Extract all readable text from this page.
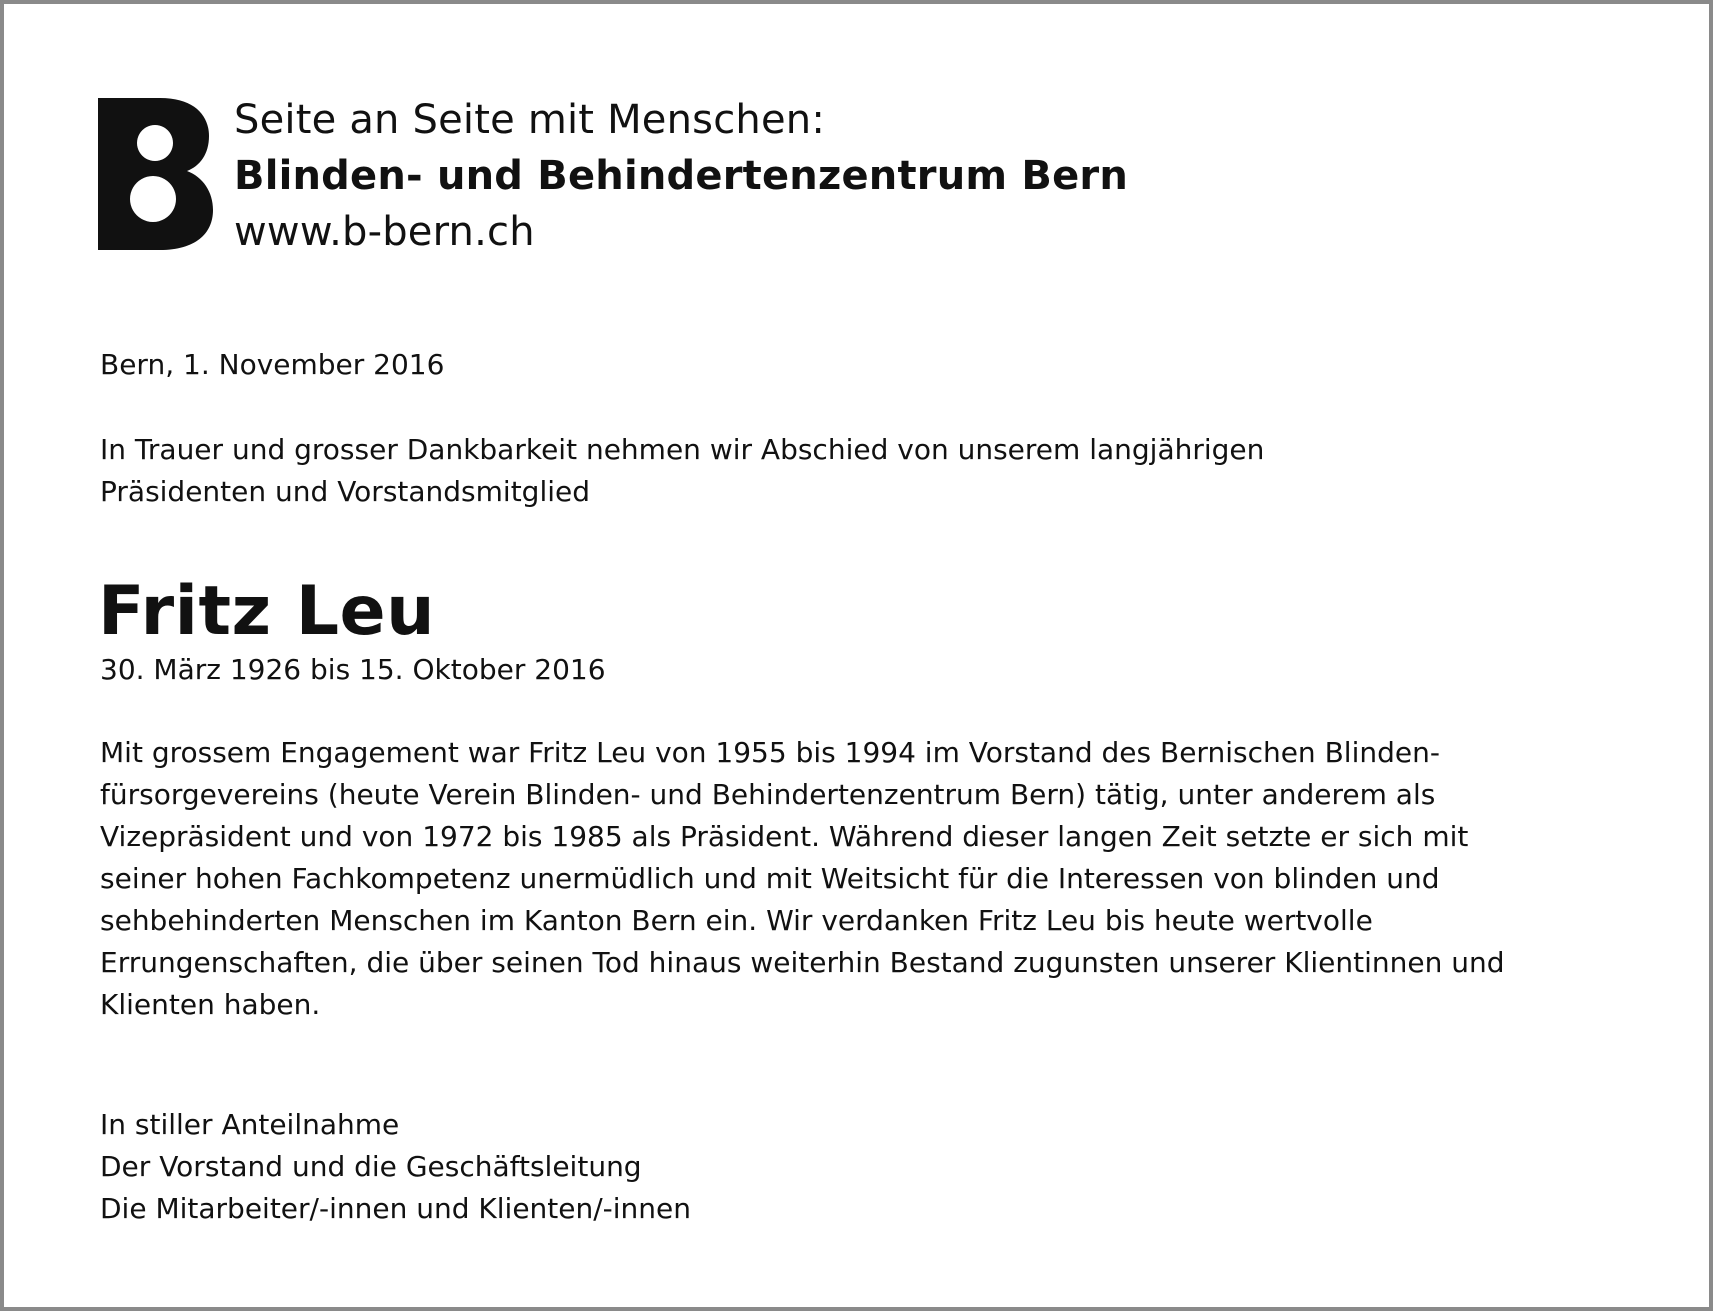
Seite an Seite mit Menschen:
Blinden- und Behindertenzentrum Bern
www.b-bern.ch
Bern, 1. November 2016
In Trauer und grosser Dankbarkeit nehmen wir Abschied von unserem langjährigen
Präsidenten und Vorstandsmitglied
Fritz Leu
30. März 1926 bis 15. Oktober 2016
Mit grossem Engagement war Fritz Leu von 1955 bis 1994 im Vorstand des Bernischen Blinden-
fürsorgevereins (heute Verein Blinden- und Behindertenzentrum Bern) tätig, unter anderem als
Vizepräsident und von 1972 bis 1985 als Präsident. Während dieser langen Zeit setzte er sich mit
seiner hohen Fachkompetenz unermüdlich und mit Weitsicht für die Interessen von blinden und
sehbehinderten Menschen im Kanton Bern ein. Wir verdanken Fritz Leu bis heute wertvolle
Errungenschaften, die über seinen Tod hinaus weiterhin Bestand zugunsten unserer Klientinnen und
Klienten haben.
In stiller Anteilnahme
Der Vorstand und die Geschäftsleitung
Die Mitarbeiter/-innen und Klienten/-innen
